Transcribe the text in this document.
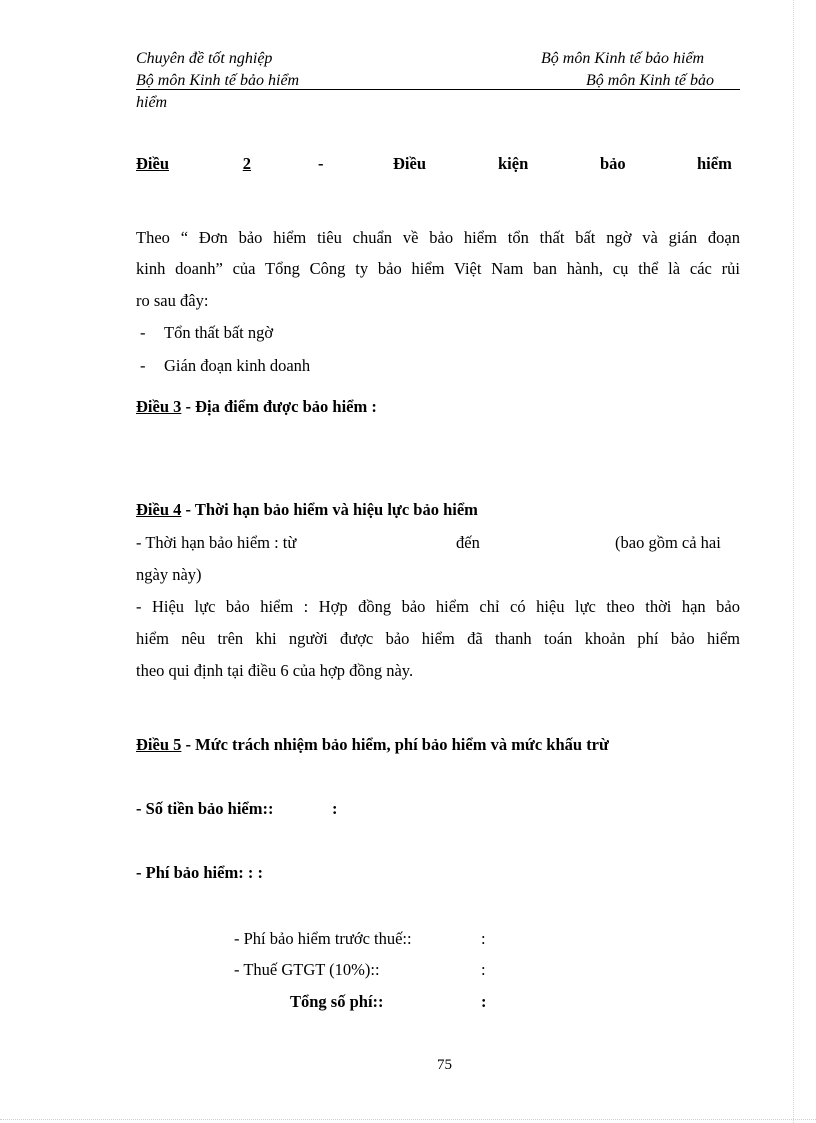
Chuyên đề tốt nghiệp	Bộ môn Kinh tế bảo hiểm
Bộ môn Kinh tế bảo hiểm	Bộ môn Kinh tế bảo
hiểm
Điều	2	-	Điều	kiện	bảo	hiểm
Theo “ Đơn bảo hiểm tiêu chuẩn về bảo hiểm tổn thất bất ngờ và gián đoạn
kinh doanh” của Tổng Công ty bảo hiểm Việt Nam ban hành, cụ thể là các rủi
ro sau đây:
- Tổn thất bất ngờ
- Gián đoạn kinh doanh
Điều 3 - Địa điểm được bảo hiểm :
Điều 4 - Thời hạn bảo hiểm và hiệu lực bảo hiểm
- Thời hạn bảo hiểm : từ	đến	(bao gồm cả hai
ngày này)
- Hiệu lực bảo hiểm : Hợp đồng bảo hiểm chỉ có hiệu lực theo thời hạn bảo
hiểm nêu trên khi người được bảo hiểm đã thanh toán khoản phí bảo hiểm
theo qui định tại điều 6 của hợp đồng này.
Điều 5 - Mức trách nhiệm bảo hiểm, phí bảo hiểm và mức khấu trừ
- Số tiền bảo hiểm::	:
- Phí bảo hiểm: : :
- Phí bảo hiểm trước thuế::	:
- Thuế GTGT (10%)::	:
Tổng số phí::	:
75
